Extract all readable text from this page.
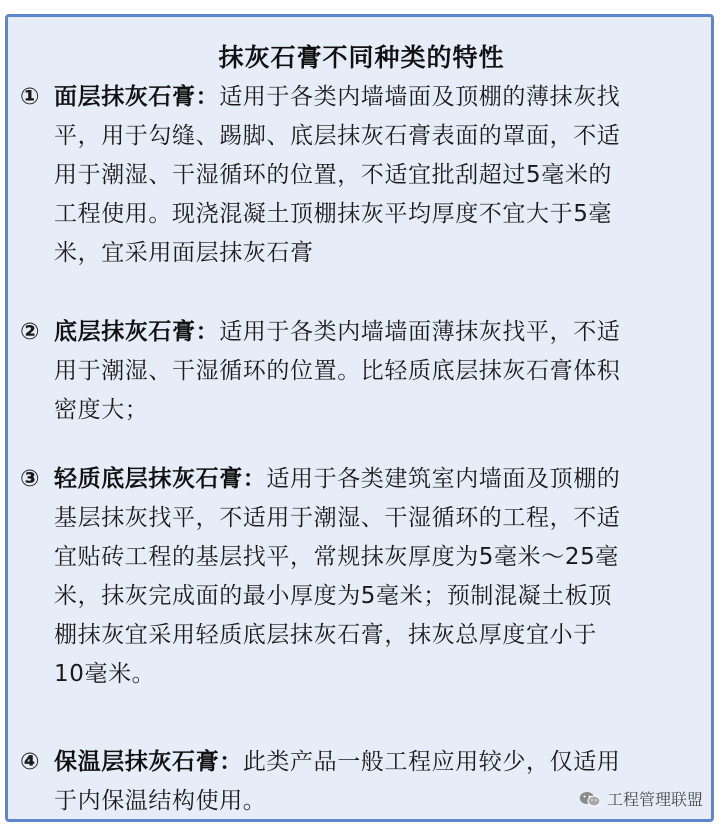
抹灰石膏不同种类的特性
① 面层抹灰石膏：适用于各类内墙墙面及顶棚的薄抹灰找
平，用于勾缝、踢脚、底层抹灰石膏表面的罩面，不适
用于潮湿、干湿循环的位置，不适宜批刮超过5毫米的
工程使用。现浇混凝土顶棚抹灰平均厚度不宜大于5毫
米，宜采用面层抹灰石膏
② 底层抹灰石膏：适用于各类内墙墙面薄抹灰找平，不适
用于潮湿、干湿循环的位置。比轻质底层抹灰石膏体积
密度大；
③ 轻质底层抹灰石膏：适用于各类建筑室内墙面及顶棚的
基层抹灰找平，不适用于潮湿、干湿循环的工程，不适
宜贴砖工程的基层找平，常规抹灰厚度为5毫米～25毫
米，抹灰完成面的最小厚度为5毫米；预制混凝土板顶
棚抹灰宜采用轻质底层抹灰石膏，抹灰总厚度宜小于
10毫米。
④ 保温层抹灰石膏：此类产品一般工程应用较少，仅适用
于内保温结构使用。	工程管理联盟
